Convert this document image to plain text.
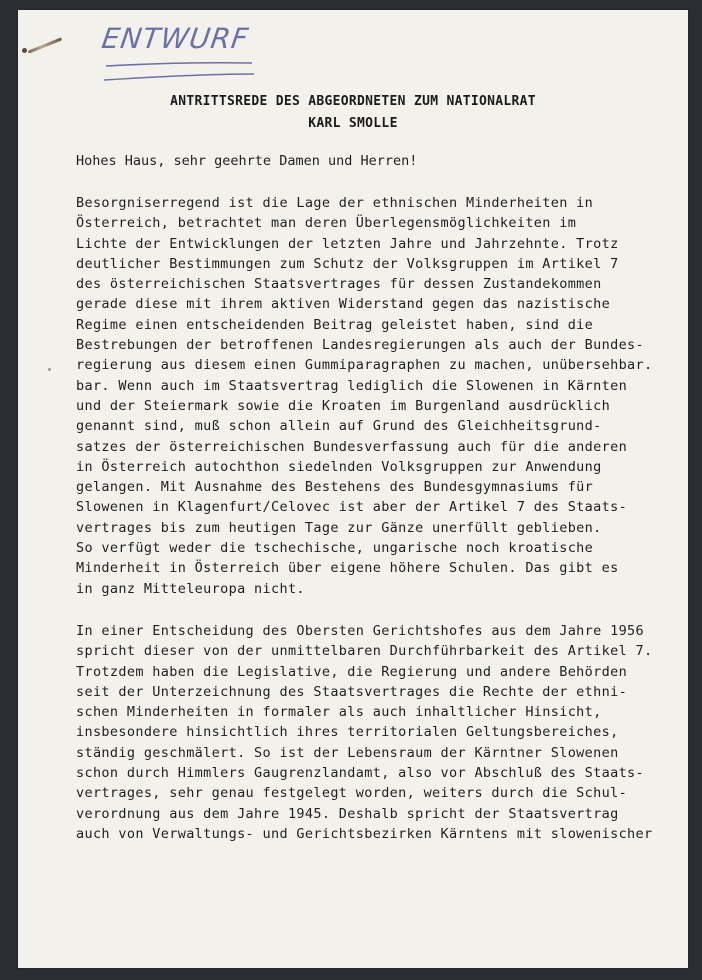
ENTWURF
ANTRITTSREDE DES ABGEORDNETEN ZUM NATIONALRAT
KARL SMOLLE
Hohes Haus, sehr geehrte Damen und Herren!
Besorgniserregend ist die Lage der ethnischen Minderheiten in
Österreich, betrachtet man deren Überlegensmöglichkeiten im
Lichte der Entwicklungen der letzten Jahre und Jahrzehnte. Trotz
deutlicher Bestimmungen zum Schutz der Volksgruppen im Artikel 7
des österreichischen Staatsvertrages für dessen Zustandekommen
gerade diese mit ihrem aktiven Widerstand gegen das nazistische
Regime einen entscheidenden Beitrag geleistet haben, sind die
Bestrebungen der betroffenen Landesregierungen als auch der Bundes-
regierung aus diesem einen Gummiparagraphen zu machen, unübersehbar.
bar. Wenn auch im Staatsvertrag lediglich die Slowenen in Kärnten
und der Steiermark sowie die Kroaten im Burgenland ausdrücklich
genannt sind, muß schon allein auf Grund des Gleichheitsgrund-
satzes der österreichischen Bundesverfassung auch für die anderen
in Österreich autochthon siedelnden Volksgruppen zur Anwendung
gelangen. Mit Ausnahme des Bestehens des Bundesgymnasiums für
Slowenen in Klagenfurt/Celovec ist aber der Artikel 7 des Staats-
vertrages bis zum heutigen Tage zur Gänze unerfüllt geblieben.
So verfügt weder die tschechische, ungarische noch kroatische
Minderheit in Österreich über eigene höhere Schulen. Das gibt es
in ganz Mitteleuropa nicht.
In einer Entscheidung des Obersten Gerichtshofes aus dem Jahre 1956
spricht dieser von der unmittelbaren Durchführbarkeit des Artikel 7.
Trotzdem haben die Legislative, die Regierung und andere Behörden
seit der Unterzeichnung des Staatsvertrages die Rechte der ethni-
schen Minderheiten in formaler als auch inhaltlicher Hinsicht,
insbesondere hinsichtlich ihres territorialen Geltungsbereiches,
ständig geschmälert. So ist der Lebensraum der Kärntner Slowenen
schon durch Himmlers Gaugrenzlandamt, also vor Abschluß des Staats-
vertrages, sehr genau festgelegt worden, weiters durch die Schul-
verordnung aus dem Jahre 1945. Deshalb spricht der Staatsvertrag
auch von Verwaltungs- und Gerichtsbezirken Kärntens mit slowenischer
